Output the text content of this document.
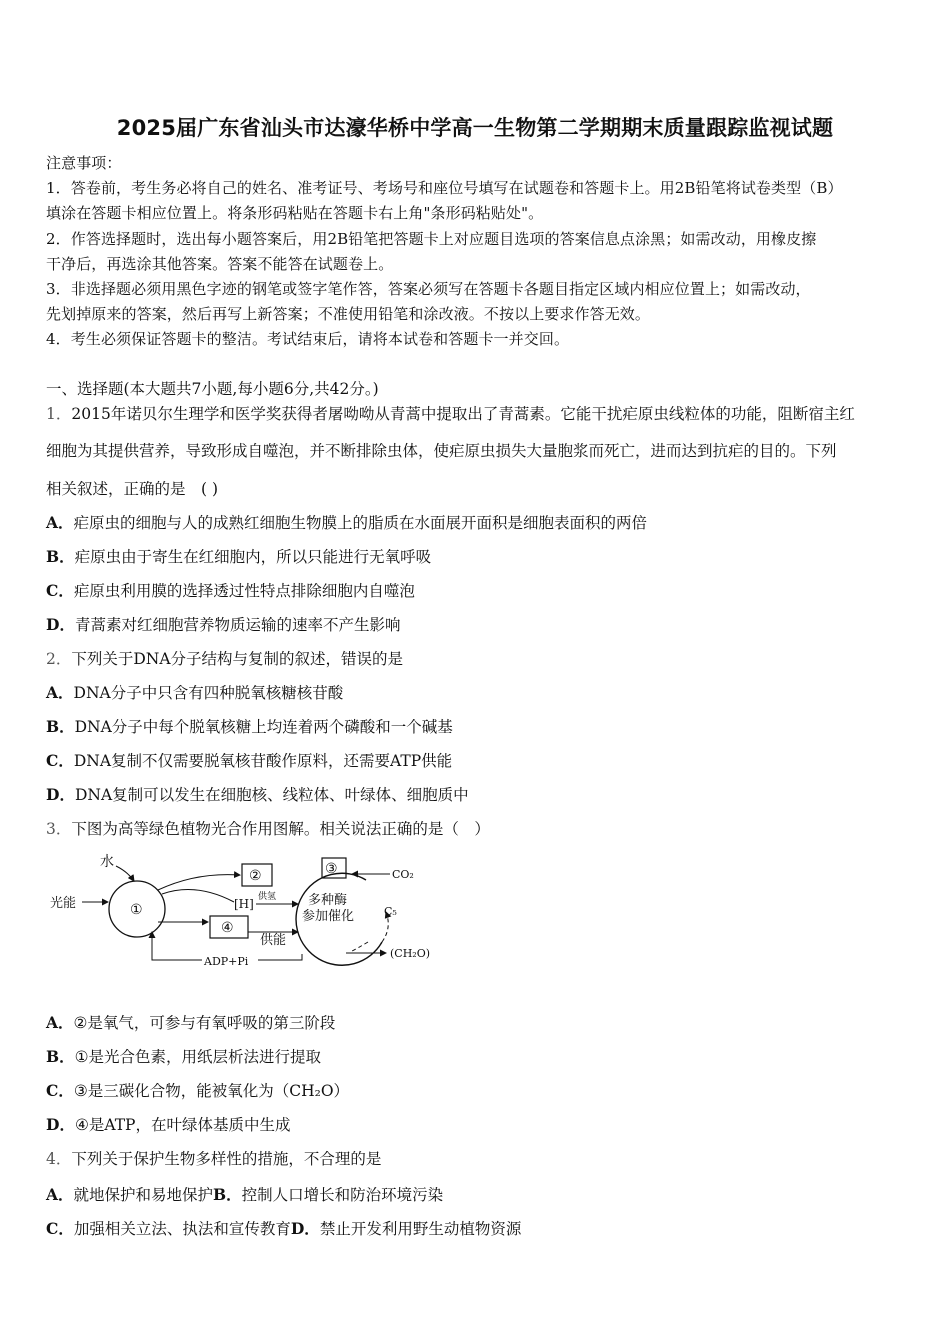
2025届广东省汕头市达濠华桥中学高一生物第二学期期末质量跟踪监视试题
注意事项：
1．答卷前，考生务必将自己的姓名、准考证号、考场号和座位号填写在试题卷和答题卡上。用2B铅笔将试卷类型（B）
填涂在答题卡相应位置上。将条形码粘贴在答题卡右上角"条形码粘贴处"。
2．作答选择题时，选出每小题答案后，用2B铅笔把答题卡上对应题目选项的答案信息点涂黑；如需改动，用橡皮擦
干净后，再选涂其他答案。答案不能答在试题卷上。
3．非选择题必须用黑色字迹的钢笔或签字笔作答，答案必须写在答题卡各题目指定区域内相应位置上；如需改动，
先划掉原来的答案，然后再写上新答案；不准使用铅笔和涂改液。不按以上要求作答无效。
4．考生必须保证答题卡的整洁。考试结束后，请将本试卷和答题卡一并交回。
一、选择题(本大题共7小题,每小题6分,共42分。)
1．2015年诺贝尔生理学和医学奖获得者屠呦呦从青蒿中提取出了青蒿素。它能干扰疟原虫线粒体的功能，阻断宿主红
细胞为其提供营养，导致形成自噬泡，并不断排除虫体，使疟原虫损失大量胞浆而死亡，进而达到抗疟的目的。下列
相关叙述，正确的是　( )
A．疟原虫的细胞与人的成熟红细胞生物膜上的脂质在水面展开面积是细胞表面积的两倍
B．疟原虫由于寄生在红细胞内，所以只能进行无氧呼吸
C．疟原虫利用膜的选择透过性特点排除细胞内自噬泡
D．青蒿素对红细胞营养物质运输的速率不产生影响
2．下列关于DNA分子结构与复制的叙述，错误的是
A．DNA分子中只含有四种脱氧核糖核苷酸
B．DNA分子中每个脱氧核糖上均连着两个磷酸和一个碱基
C．DNA复制不仅需要脱氧核苷酸作原料，还需要ATP供能
D．DNA复制可以发生在细胞核、线粒体、叶绿体、细胞质中
3．下图为高等绿色植物光合作用图解。相关说法正确的是（　）
水
光能	①
②
[H] 供氢
④
供能
多种酶
参加催化
③	CO₂
C₅
(CH₂O)
ADP+Pi
A．②是氧气，可参与有氧呼吸的第三阶段
B．①是光合色素，用纸层析法进行提取
C．③是三碳化合物，能被氧化为（CH₂O）
D．④是ATP，在叶绿体基质中生成
4．下列关于保护生物多样性的措施，不合理的是
A．就地保护和易地保护B．控制人口增长和防治环境污染
C．加强相关立法、执法和宣传教育D．禁止开发利用野生动植物资源
